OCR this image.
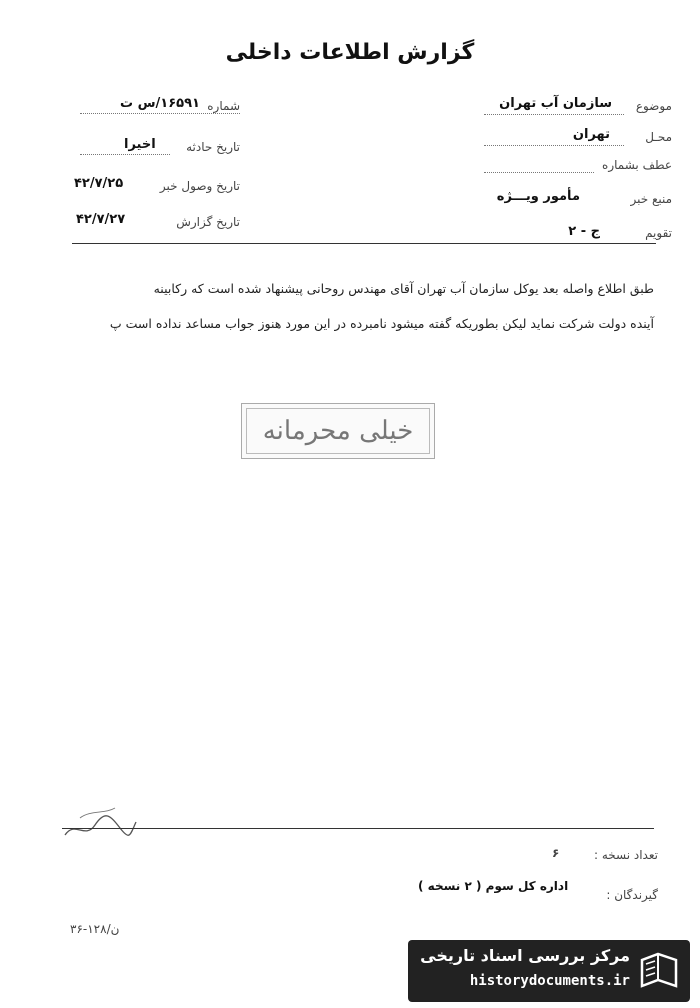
گزارش اطلاعات داخلی
شماره
۱۶۵۹۱/س ت
تاریخ حادثه
اخیرا
تاریخ وصول خبر
۴۲/۷/۲۵
تاریخ گزارش
۴۲/۷/۲۷
موضوع
سازمان آب تهران
محـل
تهران
عطف بشماره
منبع خبر
مأمور ویـــژه
تقویم
ج - ۲
طبق اطلاع واصله بعد یوکل سازمان آب تهران آقای مهندس روحانی پیشنهاد شده است که رکابینه
آینده دولت شرکت نماید لیکن بطوریکه گفته میشود نامبرده در این مورد هنوز جواب مساعد نداده است پ
خیلی محرمانه
تعداد نسخه :
۶
گیرندگان :
اداره کل سوم ( ۲ نسخه )
ن/۱۲۸-۳۶
مرکز بررسی اسناد تاریخی
historydocuments.ir
